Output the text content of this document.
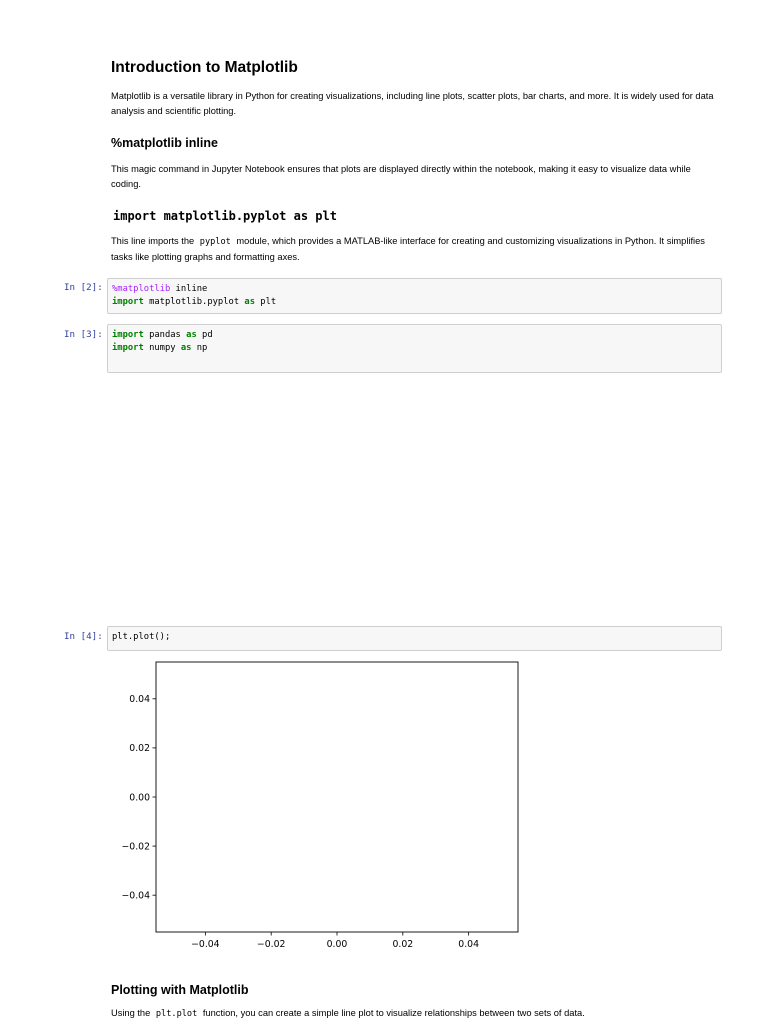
Introduction to Matplotlib

Matplotlib is a versatile library in Python for creating visualizations, including line plots, scatter plots, bar charts, and more. It is widely used for data analysis and scientific plotting.

%matplotlib inline

This magic command in Jupyter Notebook ensures that plots are displayed directly within the notebook, making it easy to visualize data while coding.

import matplotlib.pyplot as plt

This line imports the pyplot module, which provides a MATLAB-like interface for creating and customizing visualizations in Python. It simplifies tasks like plotting graphs and formatting axes.

In [2]: %matplotlib inline
import matplotlib.pyplot as plt
In [3]: import pandas as pd
import numpy as np
In [4]: plt.plot();
−0.04
−0.02
0.00
0.02
0.04
−0.04	−0.02	0.00	0.02	0.04
Plotting with Matplotlib

Using the plt.plot function, you can create a simple line plot to visualize relationships between two sets of data.
